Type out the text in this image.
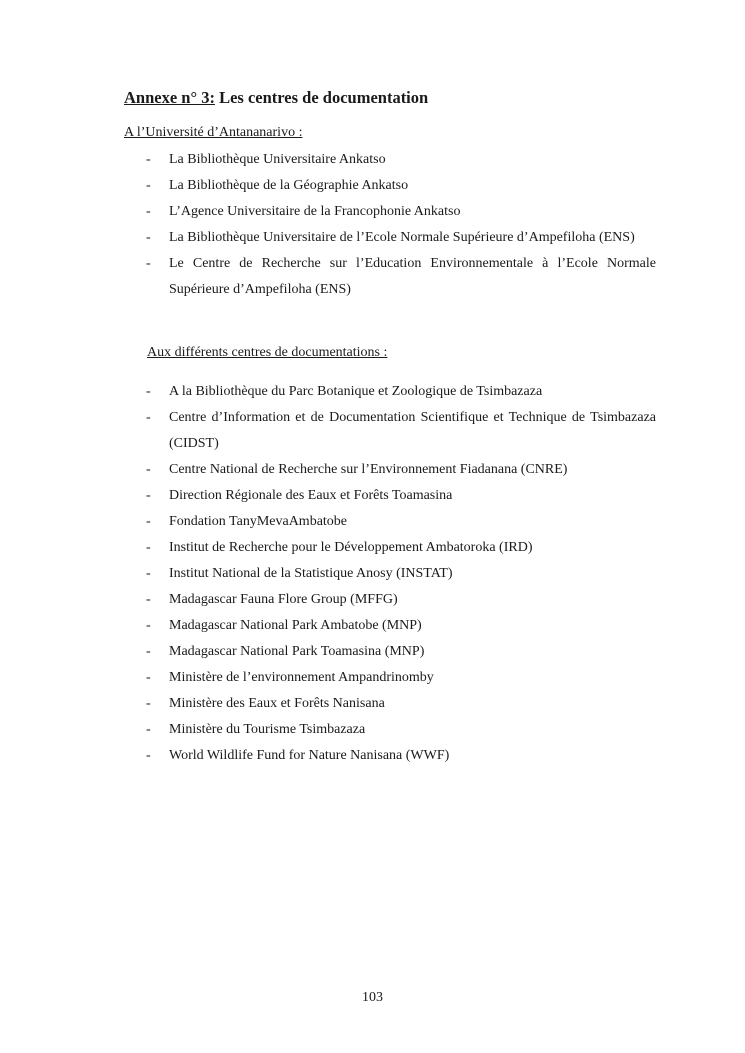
Annexe n° 3: Les centres de documentation
A l’Université d’Antananarivo :
- La Bibliothèque Universitaire Ankatso
- La Bibliothèque de la Géographie Ankatso
- L’Agence Universitaire de la Francophonie Ankatso
- La Bibliothèque Universitaire de l’Ecole Normale Supérieure d’Ampefiloha (ENS)
- Le Centre de Recherche sur l’Education Environnementale à l’Ecole Normale Supérieure d’Ampefiloha (ENS)
Aux différents centres de documentations :
- A la Bibliothèque du Parc Botanique et Zoologique de Tsimbazaza
- Centre d’Information et de Documentation Scientifique et Technique de Tsimbazaza (CIDST)
- Centre National de Recherche sur l’Environnement Fiadanana (CNRE)
- Direction Régionale des Eaux et Forêts Toamasina
- Fondation TanyMevaAmbatobe
- Institut de Recherche pour le Développement Ambatoroka (IRD)
- Institut National de la Statistique Anosy (INSTAT)
- Madagascar Fauna Flore Group (MFFG)
- Madagascar National Park Ambatobe (MNP)
- Madagascar National Park Toamasina (MNP)
- Ministère de l’environnement Ampandrinomby
- Ministère des Eaux et Forêts Nanisana
- Ministère du Tourisme Tsimbazaza
- World Wildlife Fund for Nature Nanisana (WWF)
103
